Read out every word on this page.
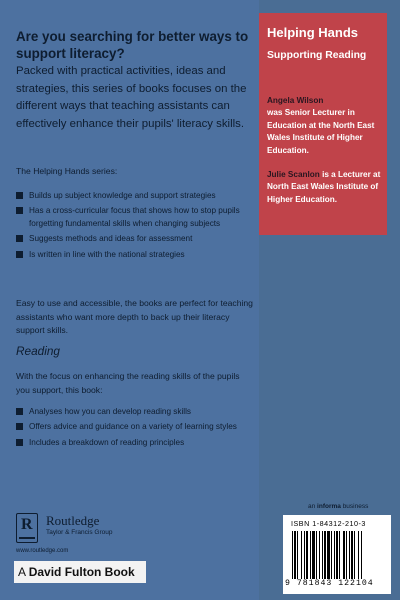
Are you searching for better ways to support literacy?
Packed with practical activities, ideas and strategies, this series of books focuses on the different ways that teaching assistants can effectively enhance their pupils' literacy skills.
The Helping Hands series:
Builds up subject knowledge and support strategies
Has a cross-curricular focus that shows how to stop pupils forgetting fundamental skills when changing subjects
Suggests methods and ideas for assessment
Is written in line with the national strategies
Easy to use and accessible, the books are perfect for teaching assistants who want more depth to back up their literacy support skills.
Reading
With the focus on enhancing the reading skills of the pupils you support, this book:
Analyses how you can develop reading skills
Offers advice and guidance on a variety of learning styles
Includes a breakdown of reading principles
R Routledge
Taylor & Francis Group
www.routledge.com
A David Fulton Book
Helping Hands
Supporting Reading
Angela Wilson
was Senior Lecturer in Education at the North East Wales Institute of Higher Education.
Julie Scanlon is a Lecturer at North East Wales Institute of Higher Education.
an informa business
ISBN 1-84312-210-3
9 781843 122104
